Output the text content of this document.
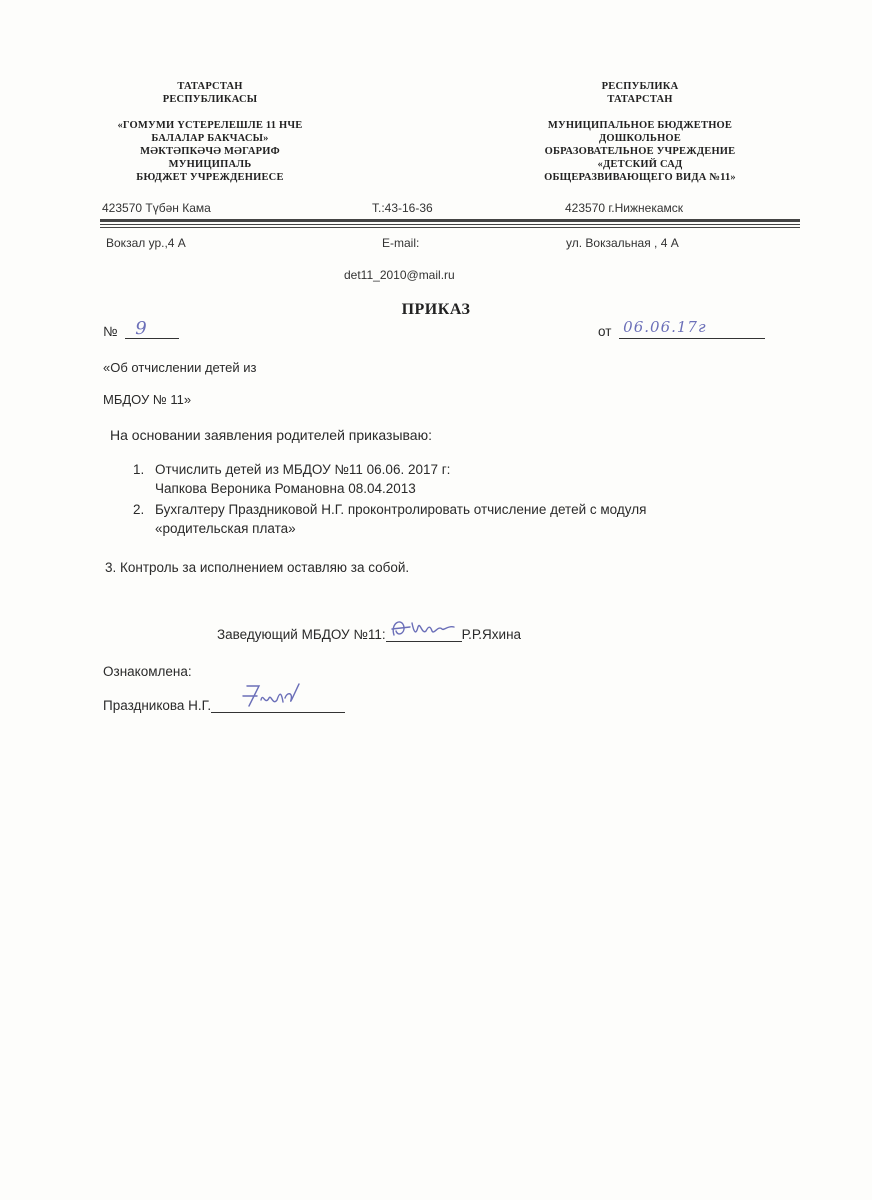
ТАТАРСТАН
РЕСПУБЛИКАСЫ
«ГОМУМИ ҮСТЕРЕЛЕШЛЕ 11 НЧЕ
БАЛАЛАР БАКЧАСЫ»
МӘКТӘПКӘЧӘ МӘГАРИФ
МУНИЦИПАЛЬ
БЮДЖЕТ УЧРЕЖДЕНИЕСЕ
РЕСПУБЛИКА
ТАТАРСТАН
МУНИЦИПАЛЬНОЕ БЮДЖЕТНОЕ
ДОШКОЛЬНОЕ
ОБРАЗОВАТЕЛЬНОЕ УЧРЕЖДЕНИЕ
«ДЕТСКИЙ САД
ОБЩЕРАЗВИВАЮЩЕГО ВИДА №11»
423570 Түбән Кама	Т.:43-16-36	423570 г.Нижнекамск
Вокзал ур.,4 А	E-mail:	ул. Вокзальная , 4 А
det11_2010@mail.ru
ПРИКАЗ
№ 9	от 06.06.17г
«Об отчислении детей из
МБДОУ № 11»
На основании заявления родителей приказываю:
1. Отчислить детей из МБДОУ №11 06.06. 2017 г:
Чапкова Вероника Романовна 08.04.2013
2. Бухгалтеру Праздниковой Н.Г. проконтролировать отчисление детей с модуля
«родительская плата»
3. Контроль за исполнением оставляю за собой.
Заведующий МБДОУ №11:	Р.Р.Яхина
Ознакомлена:
Праздникова Н.Г.
